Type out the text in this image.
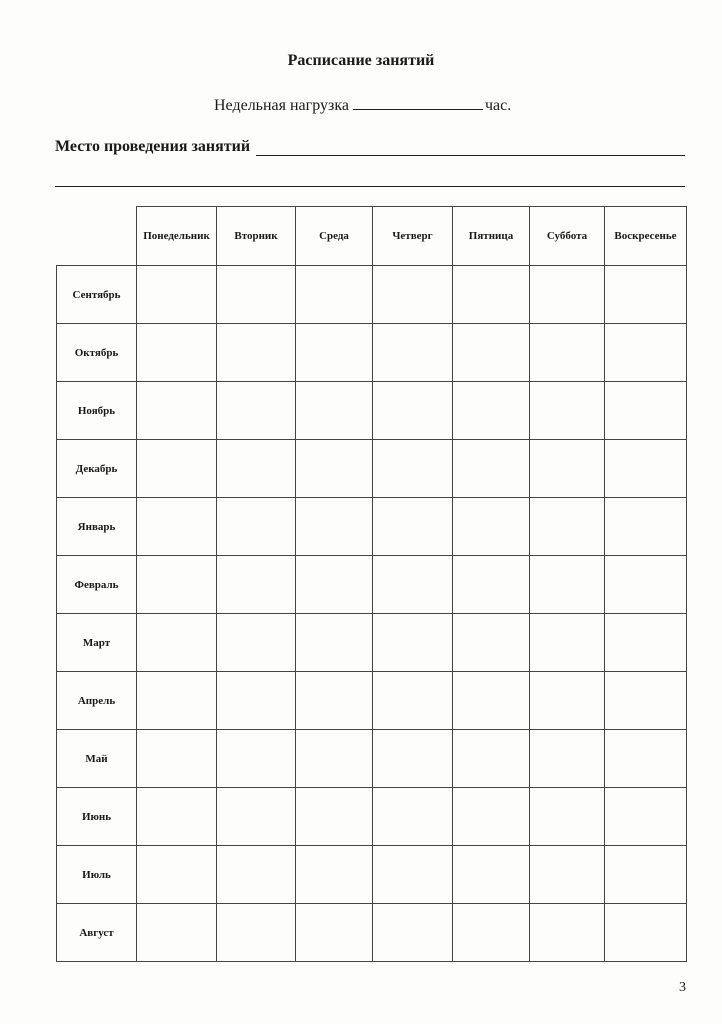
Расписание занятий
Недельная нагрузка	час.
Место проведения занятий
	Понедельник	Вторник	Среда	Четверг	Пятница	Суббота	Воскресенье
Сентябрь							
Октябрь							
Ноябрь							
Декабрь							
Январь							
Февраль							
Март							
Апрель							
Май							
Июнь							
Июль							
Август							
3
